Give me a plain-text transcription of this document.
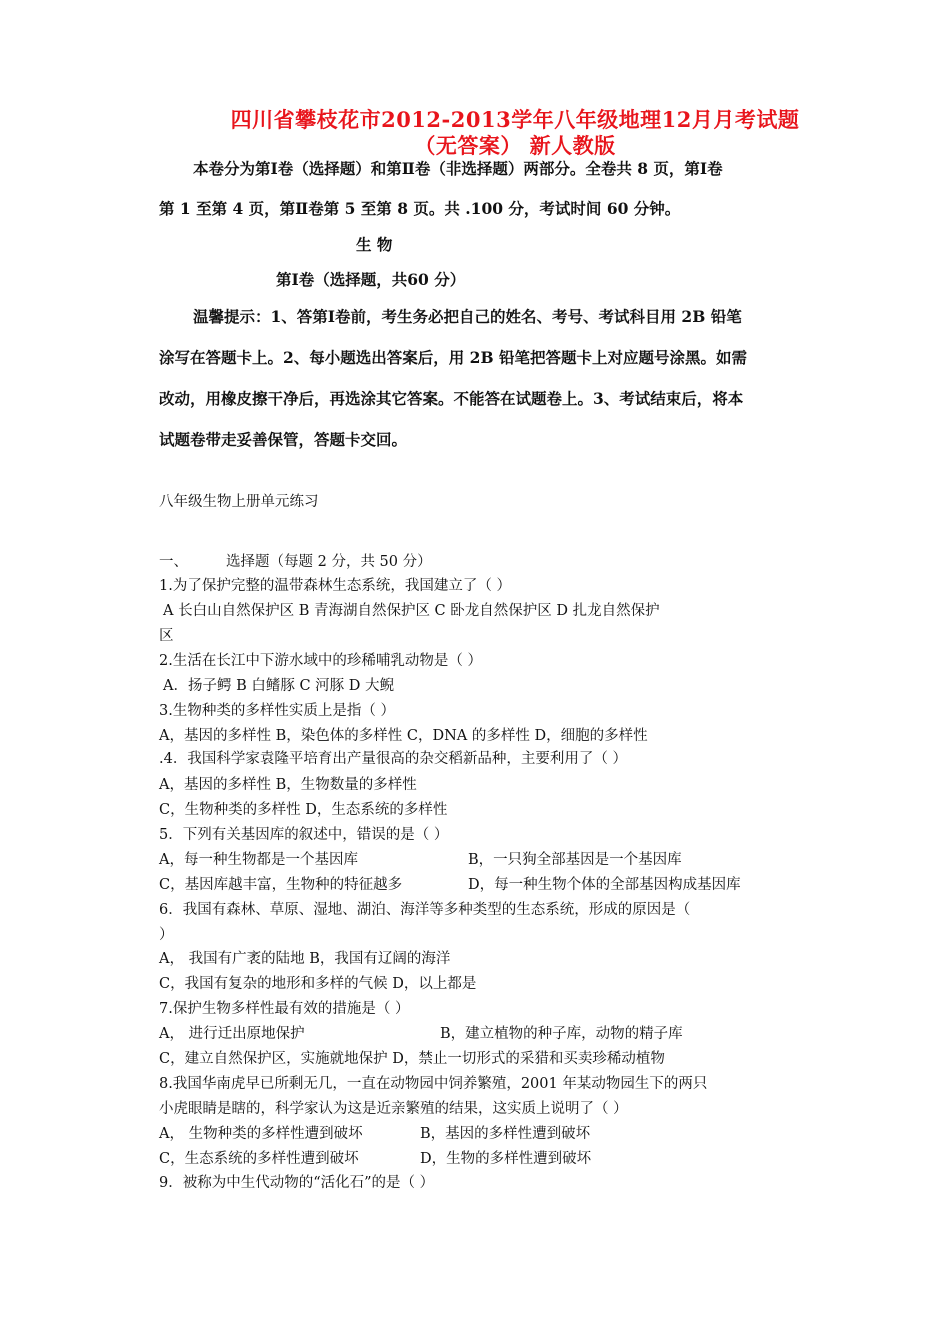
四川省攀枝花市2012-2013学年八年级地理12月月考试题
（无答案） 新人教版
本卷分为第Ⅰ卷（选择题）和第Ⅱ卷（非选择题）两部分。全卷共 8 页，第Ⅰ卷
第 1 至第 4 页，第Ⅱ卷第 5 至第 8 页。共 .100 分，考试时间 60 分钟。
生 物
第Ⅰ卷（选择题，共60 分）
温馨提示：1、答第Ⅰ卷前，考生务必把自己的姓名、考号、考试科目用 2B 铅笔
涂写在答题卡上。2、每小题选出答案后，用 2B 铅笔把答题卡上对应题号涂黑。如需
改动，用橡皮擦干净后，再选涂其它答案。不能答在试题卷上。3、考试结束后，将本
试题卷带走妥善保管，答题卡交回。
八年级生物上册单元练习
一、	选择题（每题 2 分，共 50 分）
1.为了保护完整的温带森林生态系统，我国建立了（ ）
A 长白山自然保护区 B 青海湖自然保护区 C 卧龙自然保护区 D 扎龙自然保护
区
2.生活在长江中下游水域中的珍稀哺乳动物是（ ）
A．扬子鳄 B 白鳍豚 C 河豚 D 大鲵
3.生物种类的多样性实质上是指（ ）
A，基因的多样性 B，染色体的多样性 C，DNA 的多样性 D，细胞的多样性
.4．我国科学家袁隆平培育出产量很高的杂交稻新品种，主要利用了（ ）
A，基因的多样性 B，生物数量的多样性
C，生物种类的多样性 D，生态系统的多样性
5．下列有关基因库的叙述中，错误的是（ ）
A，每一种生物都是一个基因库	B，一只狗全部基因是一个基因库
C，基因库越丰富，生物种的特征越多	D，每一种生物个体的全部基因构成基因库
6．我国有森林、草原、湿地、湖泊、海洋等多种类型的生态系统，形成的原因是（
）
A， 我国有广袤的陆地 B，我国有辽阔的海洋
C，我国有复杂的地形和多样的气候 D，以上都是
7.保护生物多样性最有效的措施是（ ）
A， 进行迁出原地保护	B，建立植物的种子库，动物的精子库
C，建立自然保护区，实施就地保护 D，禁止一切形式的采猎和买卖珍稀动植物
8.我国华南虎早已所剩无几，一直在动物园中饲养繁殖，2001 年某动物园生下的两只
小虎眼睛是瞎的，科学家认为这是近亲繁殖的结果，这实质上说明了（ ）
A， 生物种类的多样性遭到破坏	B，基因的多样性遭到破坏
C，生态系统的多样性遭到破坏	D，生物的多样性遭到破坏
9．被称为中生代动物的“活化石”的是（ ）
